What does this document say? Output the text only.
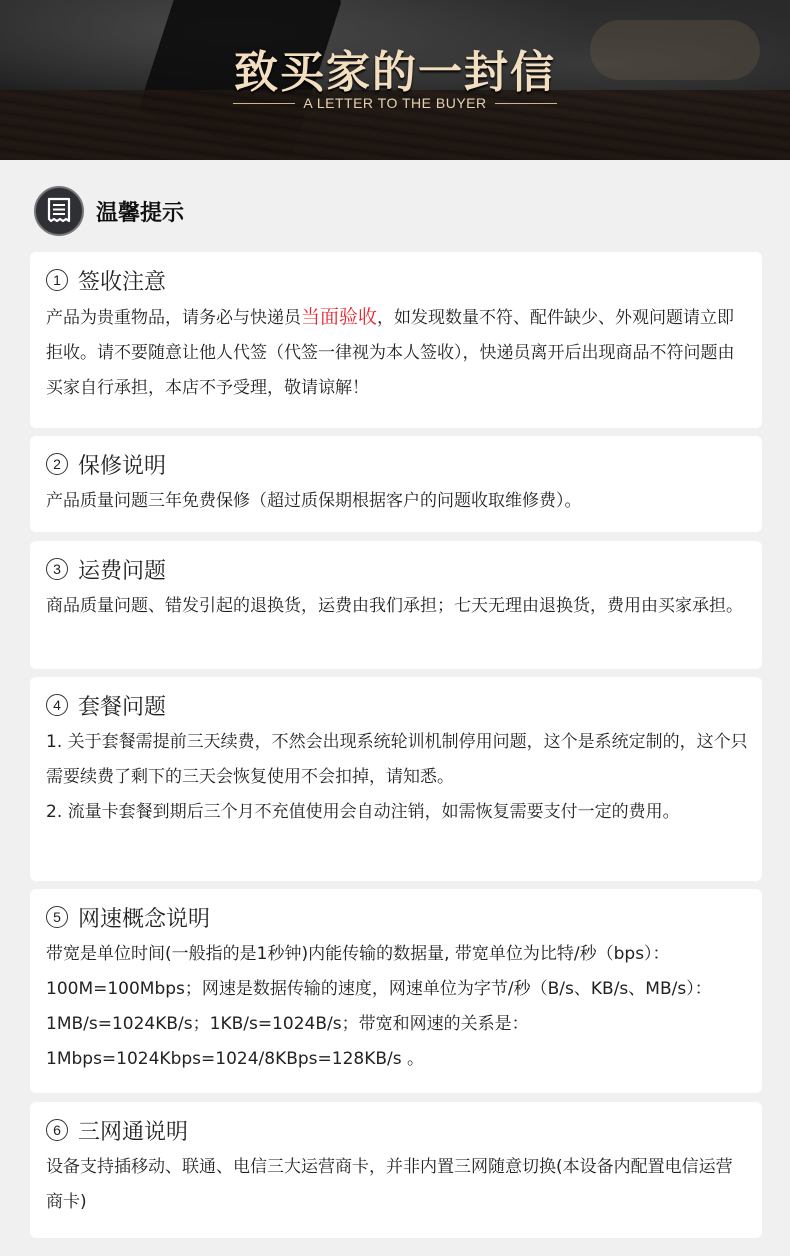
致买家的一封信
A LETTER TO THE BUYER
温馨提示
1 签收注意
产品为贵重物品，请务必与快递员当面验收，如发现数量不符、配件缺少、外观问题请立即拒收。请不要随意让他人代签（代签一律视为本人签收），快递员离开后出现商品不符问题由买家自行承担，本店不予受理，敬请谅解！
2 保修说明
产品质量问题三年免费保修（超过质保期根据客户的问题收取维修费）。
3 运费问题
商品质量问题、错发引起的退换货，运费由我们承担；七天无理由退换货，费用由买家承担。
4 套餐问题

1. 关于套餐需提前三天续费，不然会出现系统轮训机制停用问题，这个是系统定制的，这个只需要续费了剩下的三天会恢复使用不会扣掉，请知悉。

2. 流量卡套餐到期后三个月不充值使用会自动注销，如需恢复需要支付一定的费用。

5 网速概念说明
带宽是单位时间(一般指的是1秒钟)内能传输的数据量, 带宽单位为比特/秒（bps）：100M=100Mbps；网速是数据传输的速度，网速单位为字节/秒（B/s、KB/s、MB/s）：1MB/s=1024KB/s；1KB/s=1024B/s；带宽和网速的关系是：1Mbps=1024Kbps=1024/8KBps=128KB/s 。
6 三网通说明
设备支持插移动、联通、电信三大运营商卡，并非内置三网随意切换(本设备内配置电信运营商卡)
